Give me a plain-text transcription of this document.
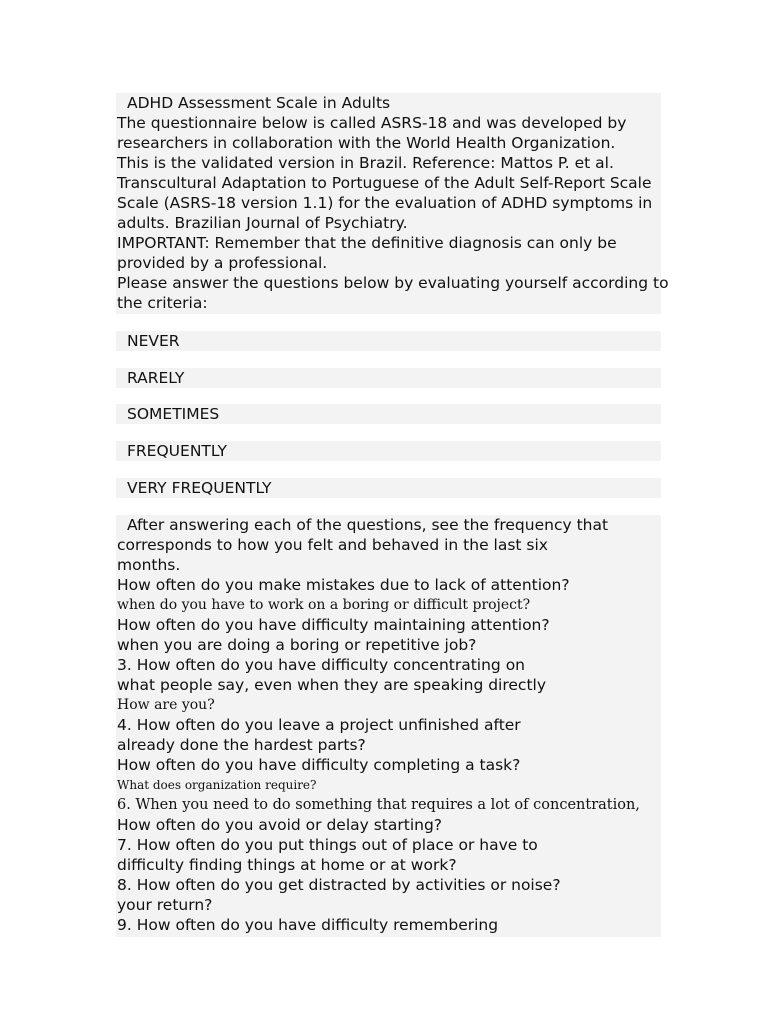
ADHD Assessment Scale in Adults
The questionnaire below is called ASRS-18 and was developed by
researchers in collaboration with the World Health Organization.
This is the validated version in Brazil. Reference: Mattos P. et al.
Transcultural Adaptation to Portuguese of the Adult Self-Report Scale
Scale (ASRS-18 version 1.1) for the evaluation of ADHD symptoms in
adults. Brazilian Journal of Psychiatry.
IMPORTANT: Remember that the definitive diagnosis can only be
provided by a professional.
Please answer the questions below by evaluating yourself according to
the criteria:
NEVER
RARELY
SOMETIMES
FREQUENTLY
VERY FREQUENTLY
After answering each of the questions, see the frequency that
corresponds to how you felt and behaved in the last six
months.
How often do you make mistakes due to lack of attention?
when do you have to work on a boring or difficult project?
How often do you have difficulty maintaining attention?
when you are doing a boring or repetitive job?
3. How often do you have difficulty concentrating on
what people say, even when they are speaking directly
How are you?
4. How often do you leave a project unfinished after
already done the hardest parts?
How often do you have difficulty completing a task?
What does organization require?
6. When you need to do something that requires a lot of concentration,
How often do you avoid or delay starting?
7. How often do you put things out of place or have to
difficulty finding things at home or at work?
8. How often do you get distracted by activities or noise?
your return?
9. How often do you have difficulty remembering
